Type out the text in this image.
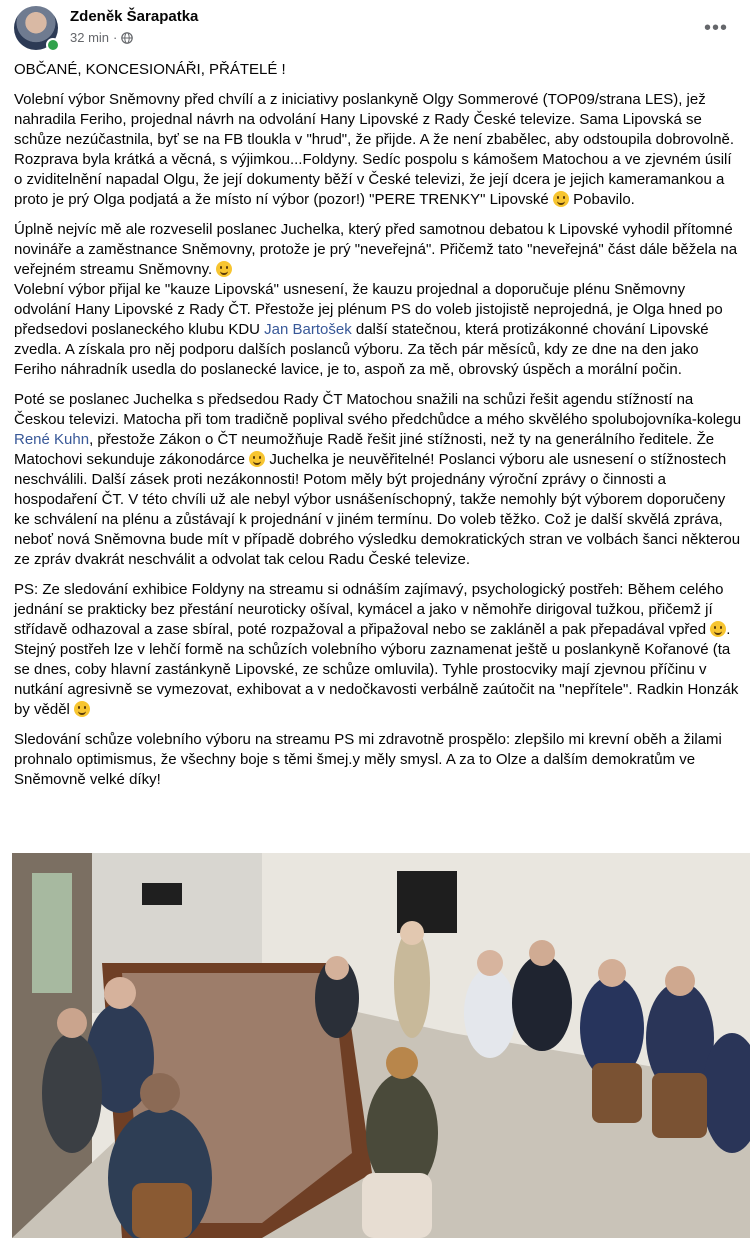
Zdeněk Šarapatka
32 min ·	•••

OBČANÉ, KONCESIONÁŘI, PŘÁTELÉ !

Volební výbor Sněmovny před chvílí a z iniciativy poslankyně Olgy Sommerové (TOP09/strana LES), jež nahradila Feriho, projednal návrh na odvolání Hany Lipovské z Rady České televize. Sama Lipovská se schůze nezúčastnila, byť se na FB tloukla v "hrud", že přijde. A že není zbabělec, aby odstoupila dobrovolně. Rozprava byla krátká a věcná, s výjimkou...Foldyny. Sedíc pospolu s kámošem Matochou a ve zjevném úsilí o zviditelnění napadal Olgu, že její dokumenty běží v České televizi, že její dcera je jejich kameramankou a proto je prý Olga podjatá a že místo ní výbor (pozor!) "PERE TRENKY" Lipovské Pobavilo.

Úplně nejvíc mě ale rozveselil poslanec Juchelka, který před samotnou debatou k Lipovské vyhodil přítomné novináře a zaměstnance Sněmovny, protože je prý "neveřejná". Přičemž tato "neveřejná" část dále běžela na veřejném streamu Sněmovny.

Volební výbor přijal ke "kauze Lipovská" usnesení, že kauzu projednal a doporučuje plénu Sněmovny odvolání Hany Lipovské z Rady ČT. Přestože jej plénum PS do voleb jistojistě neprojedná, je Olga hned po předsedovi poslaneckého klubu KDU Jan Bartošek další statečnou, která protizákonné chování Lipovské zvedla. A získala pro něj podporu dalších poslanců výboru. Za těch pár měsíců, kdy ze dne na den jako Feriho náhradník usedla do poslanecké lavice, je to, aspoň za mě, obrovský úspěch a morální počin.

Poté se poslanec Juchelka s předsedou Rady ČT Matochou snažili na schůzi řešit agendu stížností na Českou televizi. Matocha při tom tradičně poplival svého předchůdce a mého skvělého spolubojovníka-kolegu René Kuhn, přestože Zákon o ČT neumožňuje Radě řešit jiné stížnosti, než ty na generálního ředitele. Že Matochovi sekunduje zákonodárce Juchelka je neuvěřitelné! Poslanci výboru ale usnesení o stížnostech neschválili. Další zásek proti nezákonnosti! Potom měly být projednány výroční zprávy o činnosti a hospodaření ČT. V této chvíli už ale nebyl výbor usnášeníschopný, takže nemohly být výborem doporučeny ke schválení na plénu a zůstávají k projednání v jiném termínu. Do voleb těžko. Což je další skvělá zpráva, neboť nová Sněmovna bude mít v případě dobrého výsledku demokratických stran ve volbách šanci některou ze zpráv dvakrát neschválit a odvolat tak celou Radu České televize.

PS: Ze sledování exhibice Foldyny na streamu si odnáším zajímavý, psychologický postřeh: Během celého jednání se prakticky bez přestání neuroticky ošíval, kymácel a jako v němohře dirigoval tužkou, přičemž jí střídavě odhazoval a zase sbíral, poté rozpažoval a připažoval nebo se zakláněl a pak přepadával vpřed . Stejný postřeh lze v lehčí formě na schůzích volebního výboru zaznamenat ještě u poslankyně Kořanové (ta se dnes, coby hlavní zastánkyně Lipovské, ze schůze omluvila). Tyhle prostocviky mají zjevnou příčinu v nutkání agresivně se vymezovat, exhibovat a v nedočkavosti verbálně zaútočit na "nepřítele". Radkin Honzák by věděl

Sledování schůze volebního výboru na streamu PS mi zdravotně prospělo: zlepšilo mi krevní oběh a žilami prohnalo optimismus, že všechny boje s těmi šmej.y měly smysl. A za to Olze a dalším demokratům ve Sněmovně velké díky!
